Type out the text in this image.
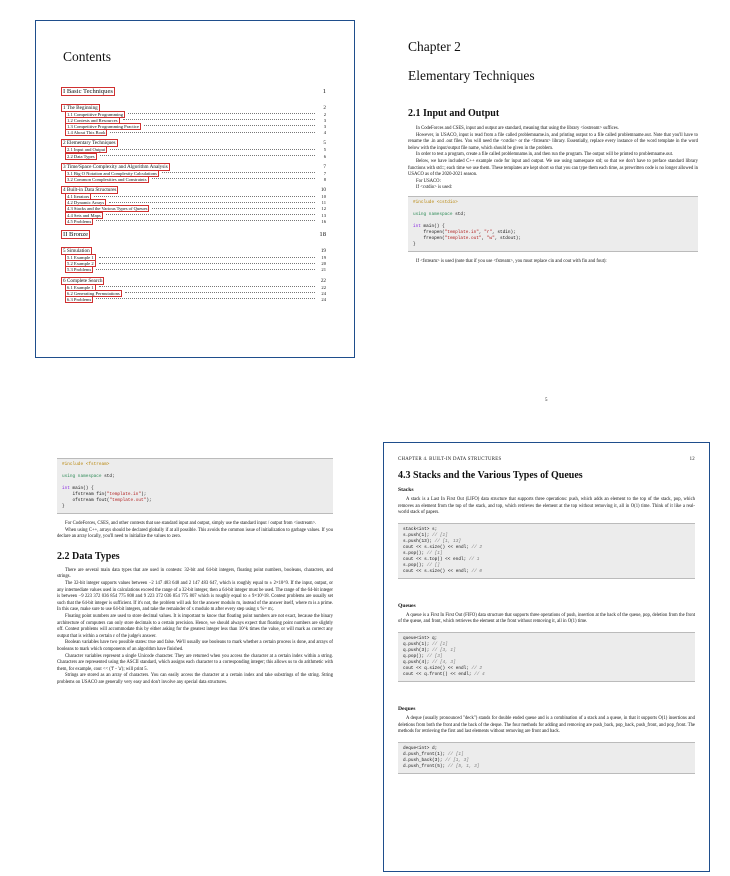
Contents
I Basic Techniques	1
1 The Beginning	2
1.1 Competitive Programming	2
1.2 Contests and Resources	3
1.3 Competitive Programming Practice	3
1.4 About This Book	4
2 Elementary Techniques	5
2.1 Input and Output	5
2.2 Data Types	6
3 Time/Space Complexity and Algorithm Analysis	7
3.1 Big O Notation and Complexity Calculations	7
3.2 Common Complexities and Constraints	8
4 Built-in Data Structures	10
4.1 Iterators	10
4.2 Dynamic Arrays	11
4.3 Stacks and the Various Types of Queues	12
4.4 Sets and Maps	13
4.5 Problems	16
II Bronze	18
5 Simulation	19
5.1 Example 1	19
5.2 Example 2	20
5.3 Problems	21
6 Complete Search	22
6.1 Example 1	22
6.2 Generating Permutations	24
6.3 Problems	24
Chapter 2
Elementary Techniques
2.1 Input and Output

In CodeForces and CSES, input and output are standard, meaning that using the library <iostream> suffices.

However, in USACO, input is read from a file called problemname.in, and printing output to a file called problemname.out. Note that you'll have to rename the .in and .out files. You will need the <cstdio> or the <fstream> library. Essentially, replace every instance of the word template in the word below with the input/output file name, which should be given in the problem.

In order to test a program, create a file called problemname.in, and then run the program. The output will be printed to problemname.out.

Below, we have included C++ example code for input and output. We use using namespace std; so that we don't have to preface standard library functions with std::; each time we use them. These templates are kept short so that you can type them each time, as prewritten code is no longer allowed in USACO as of the 2020-2021 season.

For USACO:

If <cstdio> is used:

#include <cstdio>

using namespace std;

int main() {
freopen("template.in", "r", stdin);
freopen("template.out", "w", stdout);
}

If <fstream> is used (note that if you use <fstream>, you must replace cin and cout with fin and fout):

5
#include <fstream>

using namespace std;

int main() {
ifstream fin("template.in");
ofstream fout("template.out");
}

For CodeForces, CSES, and other contests that use standard input and output, simply use the standard input / output from <iostream>.

When using C++, arrays should be declared globally if at all possible. This avoids the common issue of initialization to garbage values. If you declare an array locally, you'll need to initialize the values to zero.

2.2 Data Types

There are several main data types that are used in contests: 32-bit and 64-bit integers, floating point numbers, booleans, characters, and strings.

The 32-bit integer supports values between −2 147 483 648 and 2 147 483 647, which is roughly equal to ± 2×10^9. If the input, output, or any intermediate values used in calculations exceed the range of a 32-bit integer, then a 64-bit integer must be used. The range of the 64-bit integer is between −9 223 372 036 854 775 808 and 9 223 372 036 854 775 807 which is roughly equal to ± 9×10^18. Contest problems are usually set such that the 64-bit integer is sufficient. If it's not, the problem will ask for the answer modulo m, instead of the answer itself, where m is a prime. In this case, make sure to use 64-bit integers, and take the remainder of x modulo m after every step using x %= m;.

Floating point numbers are used to store decimal values. It is important to know that floating point numbers are not exact, because the binary architecture of computers can only store decimals to a certain precision. Hence, we should always expect that floating point numbers are slightly off. Contest problems will accommodate this by either asking for the greatest integer less than 10^k times the value, or will mark as correct any output that is within a certain ε of the judge's answer.

Boolean variables have two possible states: true and false. We'll usually use booleans to mark whether a certain process is done, and arrays of booleans to mark which components of an algorithm have finished.

Character variables represent a single Unicode character. They are returned when you access the character at a certain index within a string. Characters are represented using the ASCII standard, which assigns each character to a corresponding integer; this allows us to do arithmetic with them, for example, cout << ('f' - 'a'); will print 5.

Strings are stored as an array of characters. You can easily access the character at a certain index and take substrings of the string. String problems on USACO are generally very easy and don't involve any special data structures.

CHAPTER 4. BUILT-IN DATA STRUCTURES	12
4.3 Stacks and the Various Types of Queues

Stacks

A stack is a Last In First Out (LIFO) data structure that supports three operations: push, which adds an element to the top of the stack, pop, which removes an element from the top of the stack, and top, which retrieves the element at the top without removing it, all in O(1) time. Think of it like a real-world stack of papers.

stack<int> s;
s.push(1); // [1]
s.push(13); // [1, 13]
cout << s.size() << endl; // 2
s.pop(); // [1]
cout << s.top() << endl; // 1
s.pop(); // []
cout << s.size() << endl; // 0

Queues

A queue is a First In First Out (FIFO) data structure that supports three operations of push, insertion at the back of the queue, pop, deletion from the front of the queue, and front, which retrieves the element at the front without removing it, all in O(1) time.

queue<int> q;
q.push(1); // [1]
q.push(3); // [3, 1]
q.pop(); // [3]
q.push(4); // [4, 3]
cout << q.size() << endl; // 2
cout << q.front() << endl; // 4

Deques

A deque (usually pronounced "deck") stands for double ended queue and is a combination of a stack and a queue, in that it supports O(1) insertions and deletions from both the front and the back of the deque. The four methods for adding and removing are push_back, pop_back, push_front, and pop_front. The methods for retrieving the first and last elements without removing are front and back.

deque<int> d;
d.push_front(1); // [1]
d.push_back(3); // [1, 3]
d.push_front(5); // [5, 1, 3]
